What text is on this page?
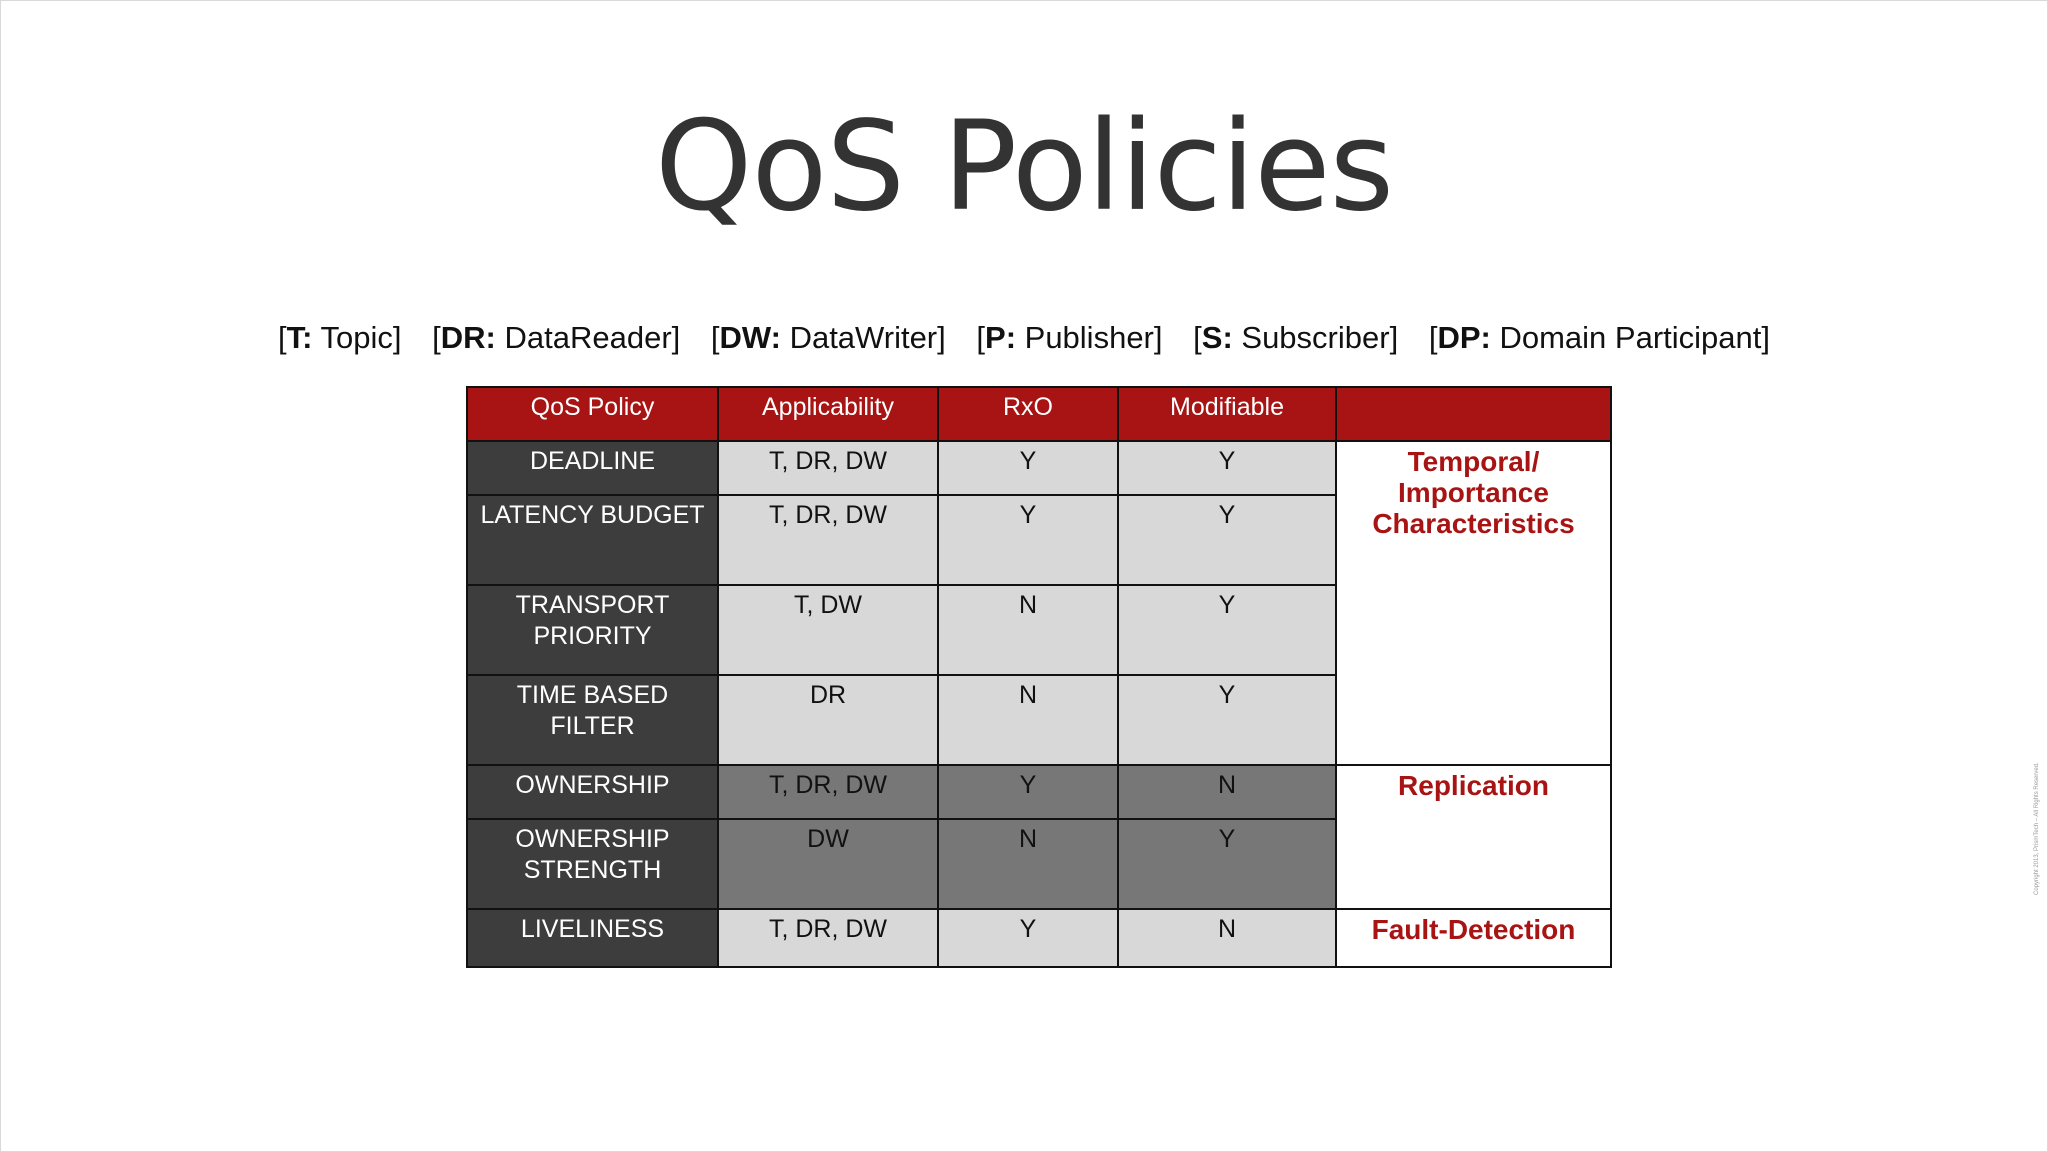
QoS Policies
[T: Topic] [DR: DataReader] [DW: DataWriter] [P: Publisher] [S: Subscriber] [DP: Domain Participant]
QoS Policy	Applicability	RxO	Modifiable	
DEADLINE	T, DR, DW	Y	Y	Temporal/ Importance Characteristics
LATENCY BUDGET	T, DR, DW	Y	Y	
TRANSPORT PRIORITY	T, DW	N	Y	
TIME BASED FILTER	DR	N	Y	
OWNERSHIP	T, DR, DW	Y	N	Replication
OWNERSHIP STRENGTH	DW	N	Y	
LIVELINESS	T, DR, DW	Y	N	Fault-Detection
Copyright 2013, PrismTech – All Rights Reserved.
